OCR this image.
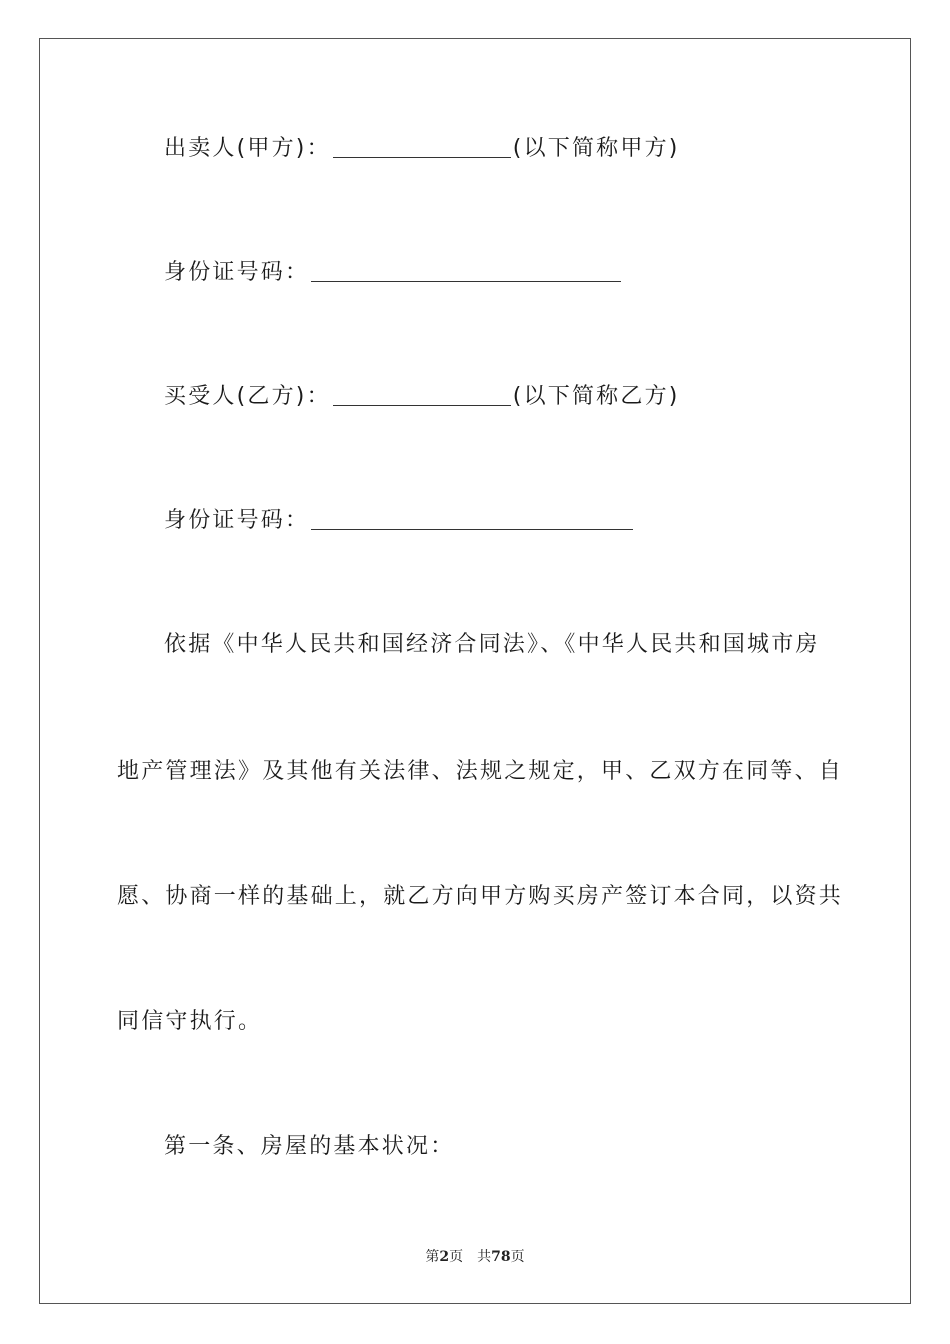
出卖人(甲方)：	(以下简称甲方)
身份证号码：
买受人(乙方)：	(以下简称乙方)
身份证号码：
依据《中华人民共和国经济合同法》、《中华人民共和国城市房
地产管理法》及其他有关法律、法规之规定，甲、乙双方在同等、自
愿、协商一样的基础上，就乙方向甲方购买房产签订本合同，以资共
同信守执行。
第一条、房屋的基本状况：
第2页 共78页
